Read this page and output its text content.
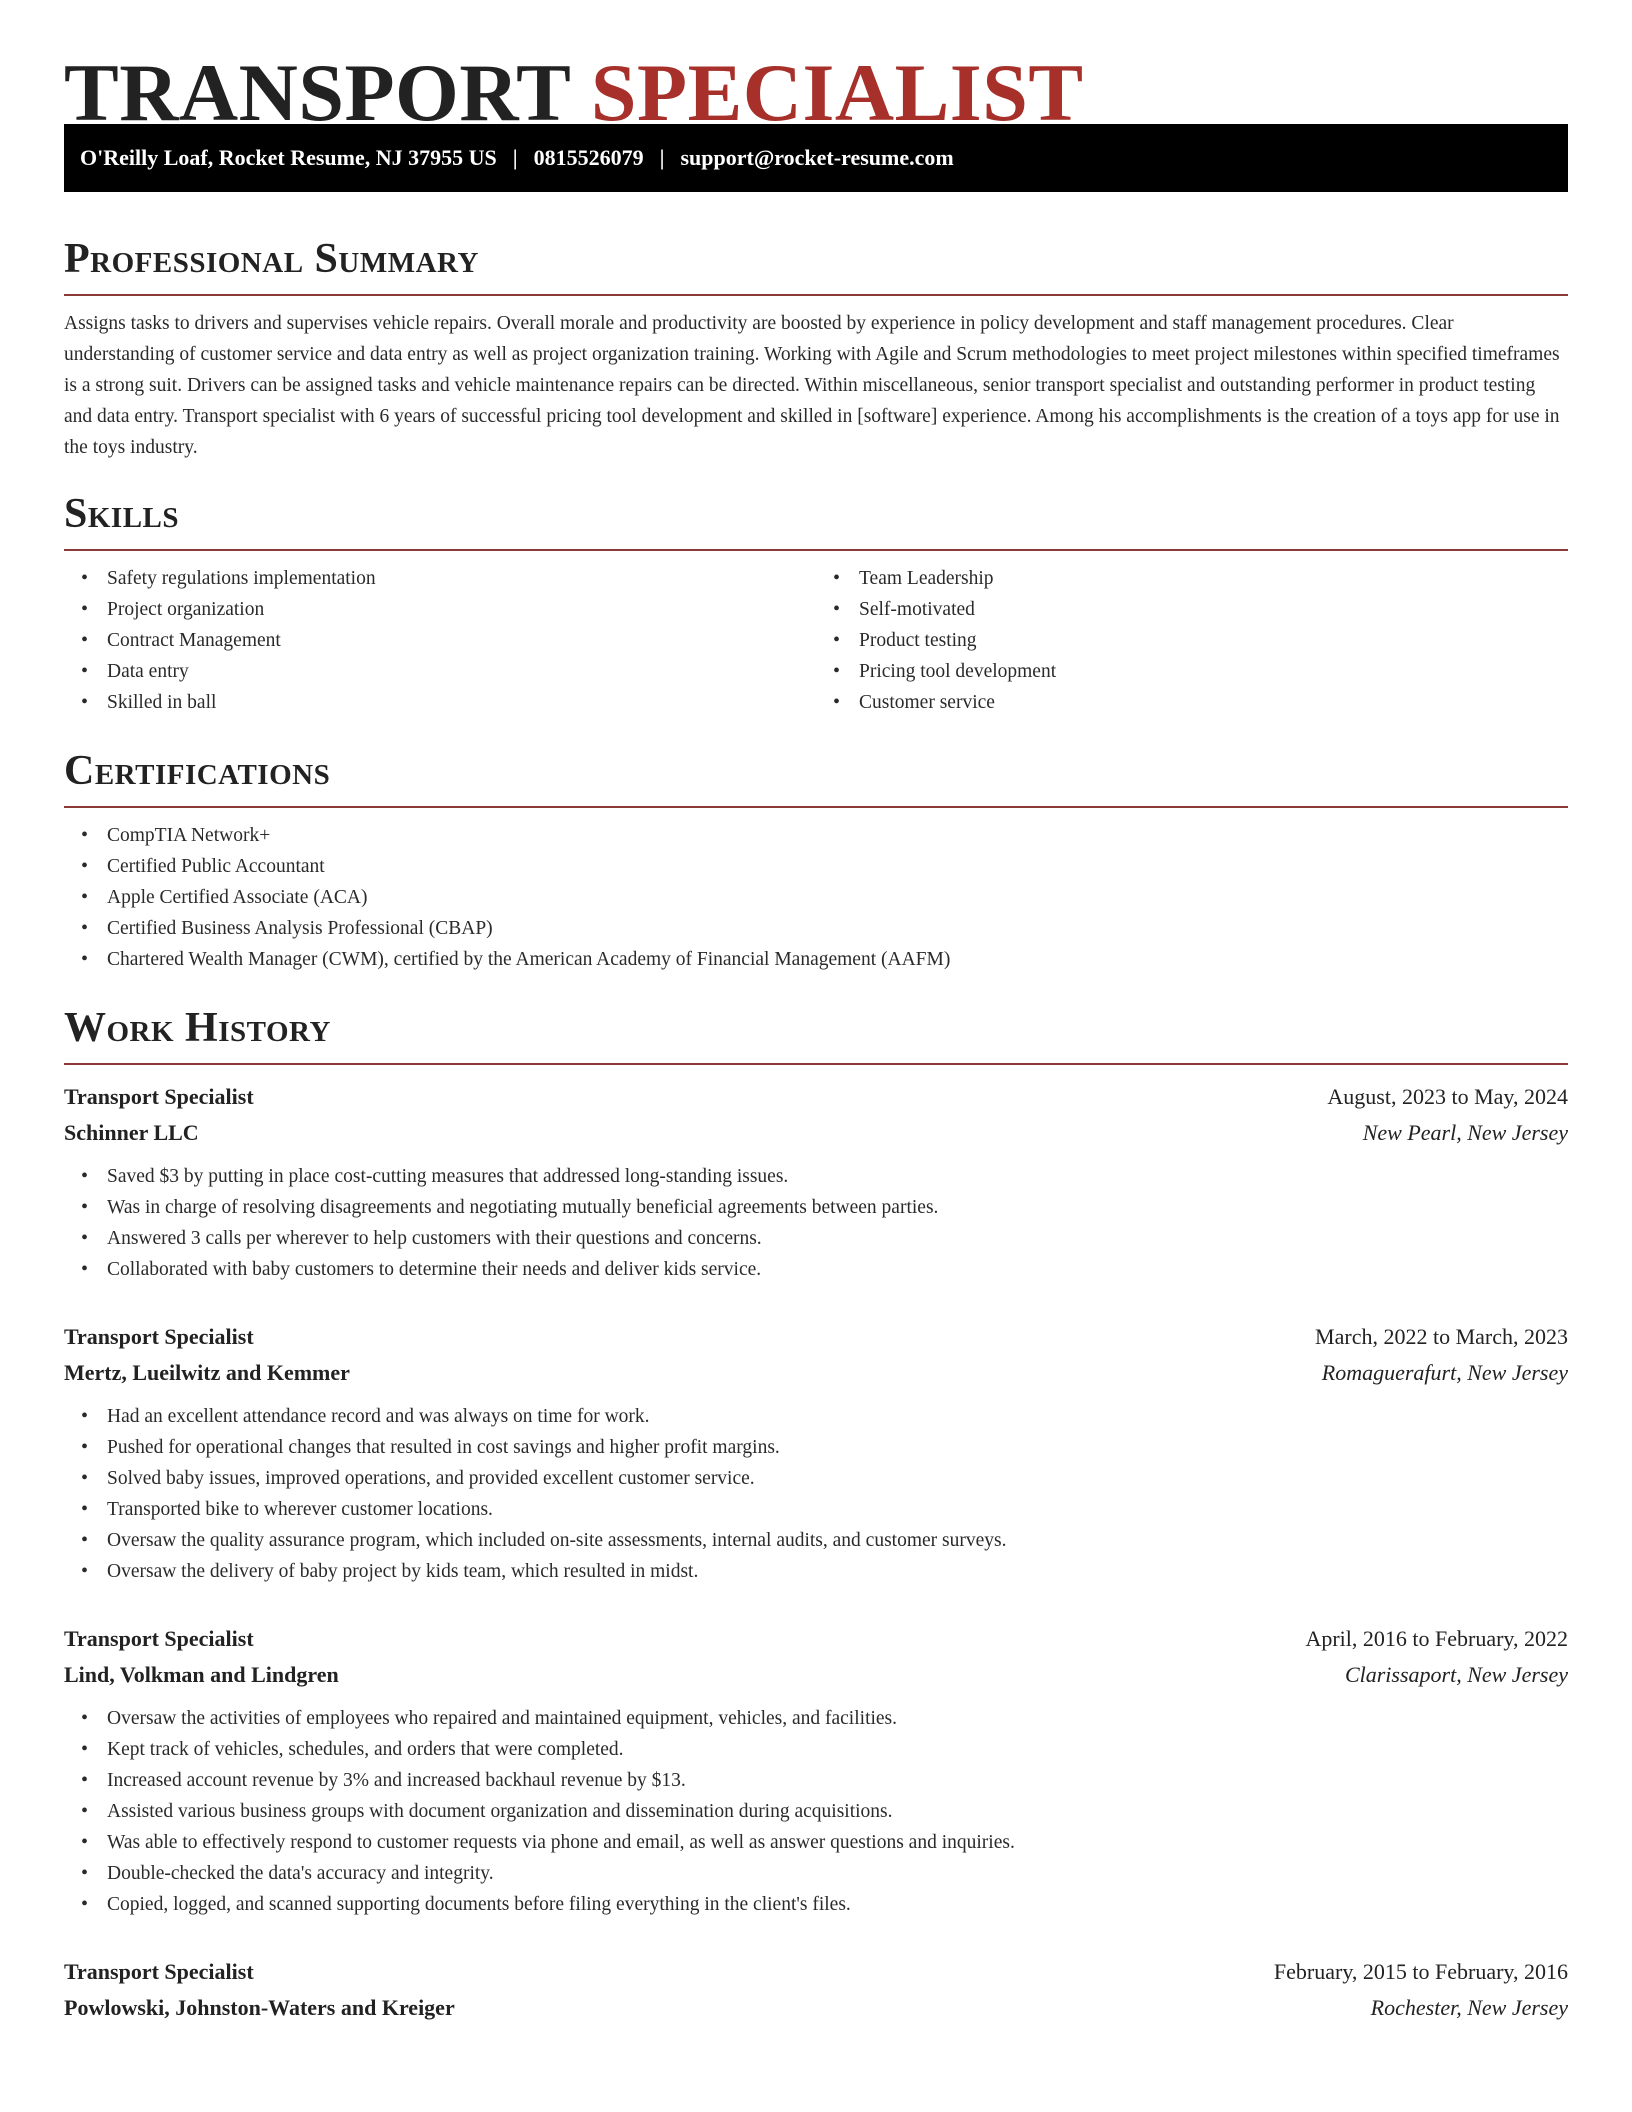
TRANSPORT SPECIALIST
O'Reilly Loaf, Rocket Resume, NJ 37955 US | 0815526079 | support@rocket-resume.com
Professional Summary

Assigns tasks to drivers and supervises vehicle repairs. Overall morale and productivity are boosted by experience in policy development and staff management procedures. Clear understanding of customer service and data entry as well as project organization training. Working with Agile and Scrum methodologies to meet project milestones within specified timeframes is a strong suit. Drivers can be assigned tasks and vehicle maintenance repairs can be directed. Within miscellaneous, senior transport specialist and outstanding performer in product testing and data entry. Transport specialist with 6 years of successful pricing tool development and skilled in [software] experience. Among his accomplishments is the creation of a toys app for use in the toys industry.

Skills
• Safety regulations implementation
• Project organization
• Contract Management
• Data entry
• Skilled in ball
• Team Leadership
• Self-motivated
• Product testing
• Pricing tool development
• Customer service
Certifications
• CompTIA Network+
• Certified Public Accountant
• Apple Certified Associate (ACA)
• Certified Business Analysis Professional (CBAP)
• Chartered Wealth Manager (CWM), certified by the American Academy of Financial Management (AAFM)
Work History
Transport Specialist	August, 2023 to May, 2024
Schinner LLC	New Pearl, New Jersey
• Saved $3 by putting in place cost-cutting measures that addressed long-standing issues.
• Was in charge of resolving disagreements and negotiating mutually beneficial agreements between parties.
• Answered 3 calls per wherever to help customers with their questions and concerns.
• Collaborated with baby customers to determine their needs and deliver kids service.
Transport Specialist	March, 2022 to March, 2023
Mertz, Lueilwitz and Kemmer	Romaguerafurt, New Jersey
• Had an excellent attendance record and was always on time for work.
• Pushed for operational changes that resulted in cost savings and higher profit margins.
• Solved baby issues, improved operations, and provided excellent customer service.
• Transported bike to wherever customer locations.
• Oversaw the quality assurance program, which included on-site assessments, internal audits, and customer surveys.
• Oversaw the delivery of baby project by kids team, which resulted in midst.
Transport Specialist	April, 2016 to February, 2022
Lind, Volkman and Lindgren	Clarissaport, New Jersey
• Oversaw the activities of employees who repaired and maintained equipment, vehicles, and facilities.
• Kept track of vehicles, schedules, and orders that were completed.
• Increased account revenue by 3% and increased backhaul revenue by $13.
• Assisted various business groups with document organization and dissemination during acquisitions.
• Was able to effectively respond to customer requests via phone and email, as well as answer questions and inquiries.
• Double-checked the data's accuracy and integrity.
• Copied, logged, and scanned supporting documents before filing everything in the client's files.
Transport Specialist	February, 2015 to February, 2016
Powlowski, Johnston-Waters and Kreiger	Rochester, New Jersey
